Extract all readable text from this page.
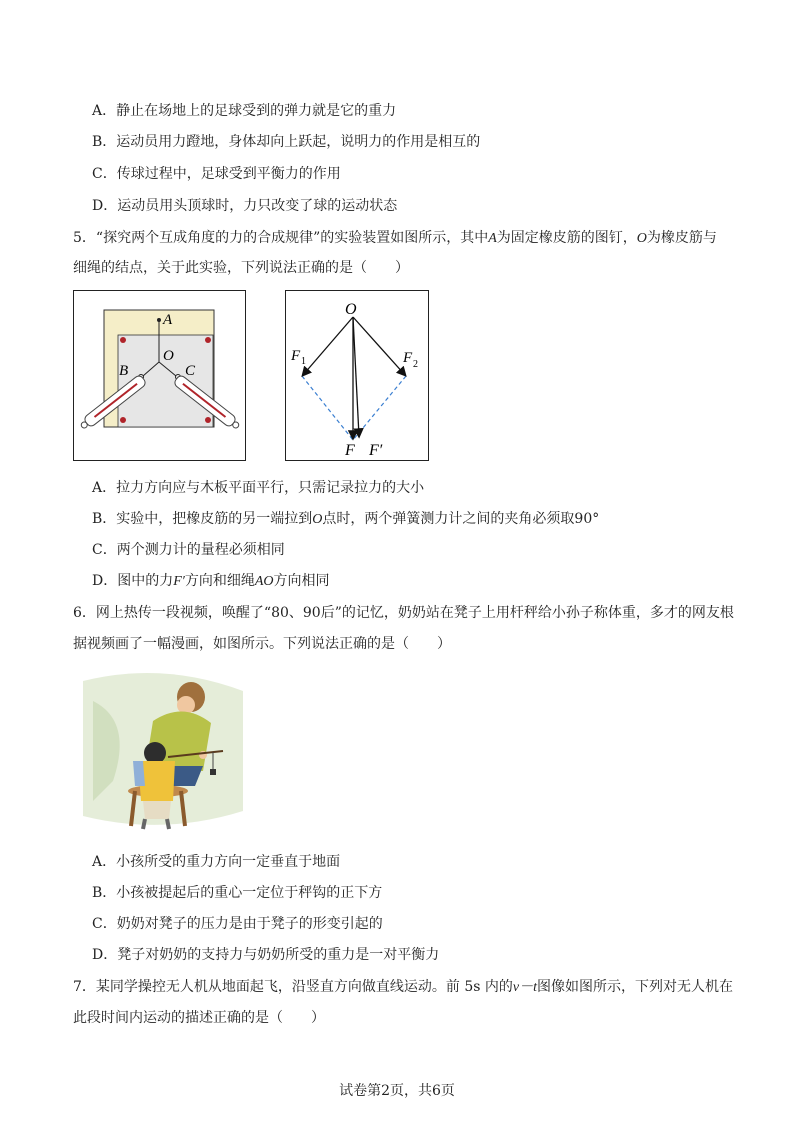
A．静止在场地上的足球受到的弹力就是它的重力
B．运动员用力蹬地，身体却向上跃起，说明力的作用是相互的
C．传球过程中，足球受到平衡力的作用
D．运动员用头顶球时，力只改变了球的运动状态
5．“探究两个互成角度的力的合成规律”的实验装置如图所示，其中A为固定橡皮筋的图钉，O为橡皮筋与
细绳的结点，关于此实验，下列说法正确的是（　　）
A
O
B	C
O
F 1	F 2
F F′
A．拉力方向应与木板平面平行，只需记录拉力的大小
B．实验中，把橡皮筋的另一端拉到O点时，两个弹簧测力计之间的夹角必须取90°
C．两个测力计的量程必须相同
D．图中的力F′方向和细绳AO方向相同
6．网上热传一段视频，唤醒了“80、90后”的记忆，奶奶站在凳子上用杆秤给小孙子称体重，多才的网友根
据视频画了一幅漫画，如图所示。下列说法正确的是（　　）
A．小孩所受的重力方向一定垂直于地面
B．小孩被提起后的重心一定位于秤钩的正下方
C．奶奶对凳子的压力是由于凳子的形变引起的
D．凳子对奶奶的支持力与奶奶所受的重力是一对平衡力
7．某同学操控无人机从地面起飞，沿竖直方向做直线运动。前 5s 内的v－t图像如图所示，下列对无人机在
此段时间内运动的描述正确的是（　　）
试卷第2页，共6页
